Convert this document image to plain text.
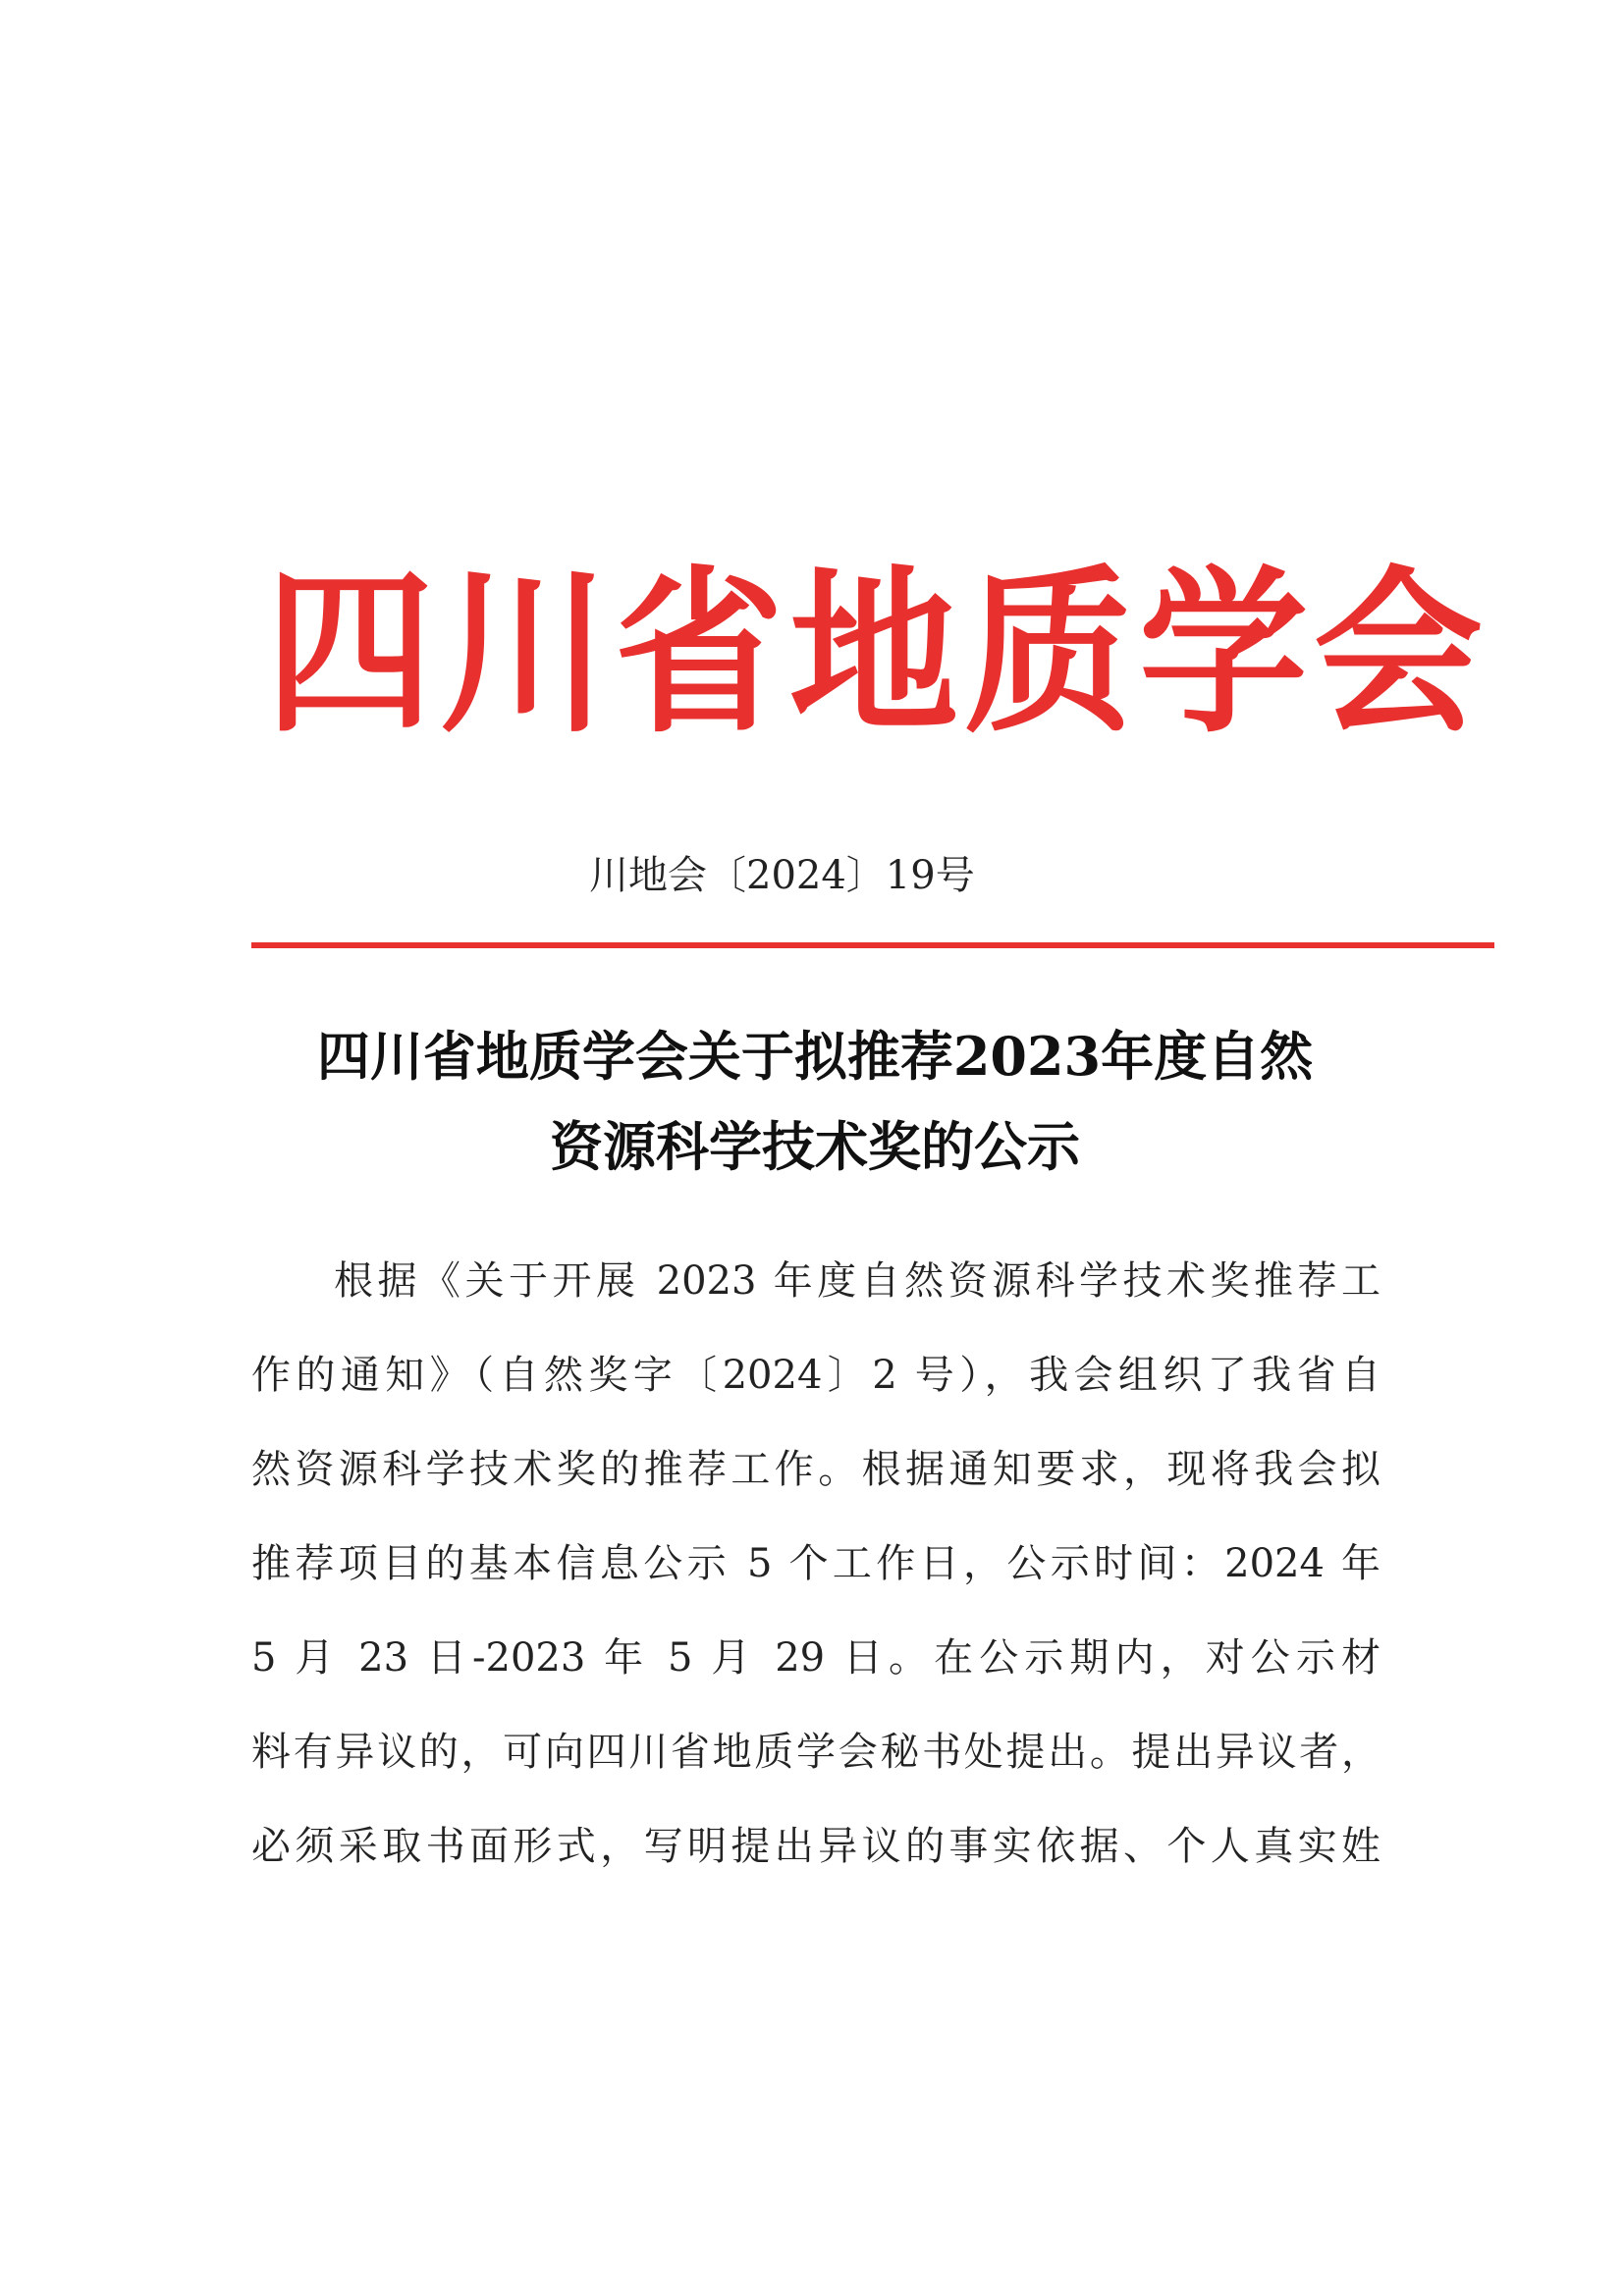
四川省地质学会
川地会〔2024〕19号
四川省地质学会关于拟推荐2023年度自然
资源科学技术奖的公示
根据《关于开展 2023 年度自然资源科学技术奖推荐工
作的通知》（自然奖字〔2024〕2 号），我会组织了我省自
然资源科学技术奖的推荐工作。根据通知要求，现将我会拟
推荐项目的基本信息公示 5 个工作日，公示时间：2024 年
5 月 23 日-2023 年 5 月 29 日。在公示期内，对公示材
料有异议的，可向四川省地质学会秘书处提出。提出异议者，
必须采取书面形式，写明提出异议的事实依据、个人真实姓
